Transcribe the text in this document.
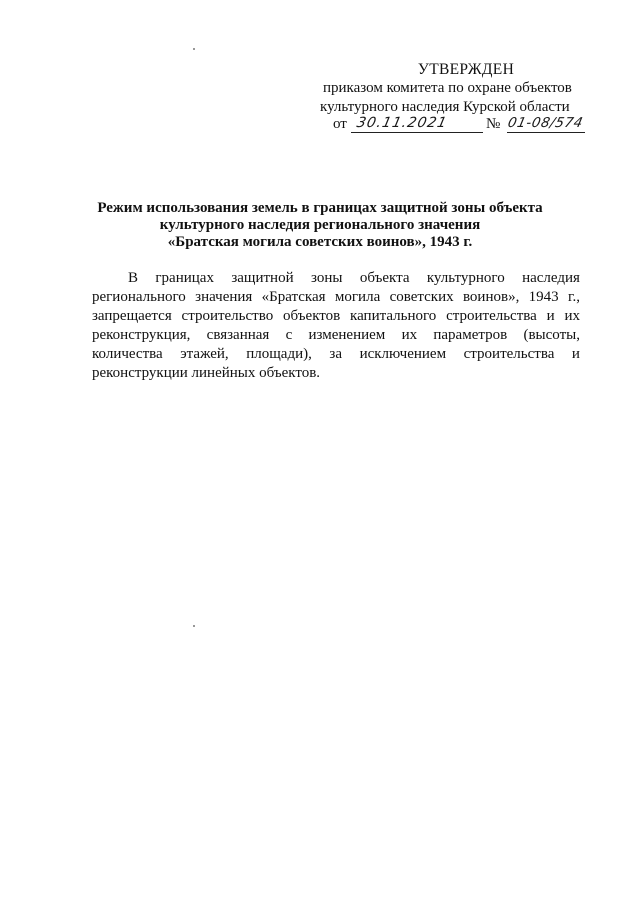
УТВЕРЖДЕН
приказом комитета по охране объектов
культурного наследия Курской области
от 30.11.2021 № 01-08/574
Режим использования земель в границах защитной зоны объекта
культурного наследия регионального значения
«Братская могила советских воинов», 1943 г.
В границах защитной зоны объекта культурного наследия
регионального значения «Братская могила советских воинов», 1943 г.,
запрещается строительство объектов капитального строительства и их
реконструкция, связанная с изменением их параметров (высоты,
количества этажей, площади), за исключением строительства и
реконструкции линейных объектов.
